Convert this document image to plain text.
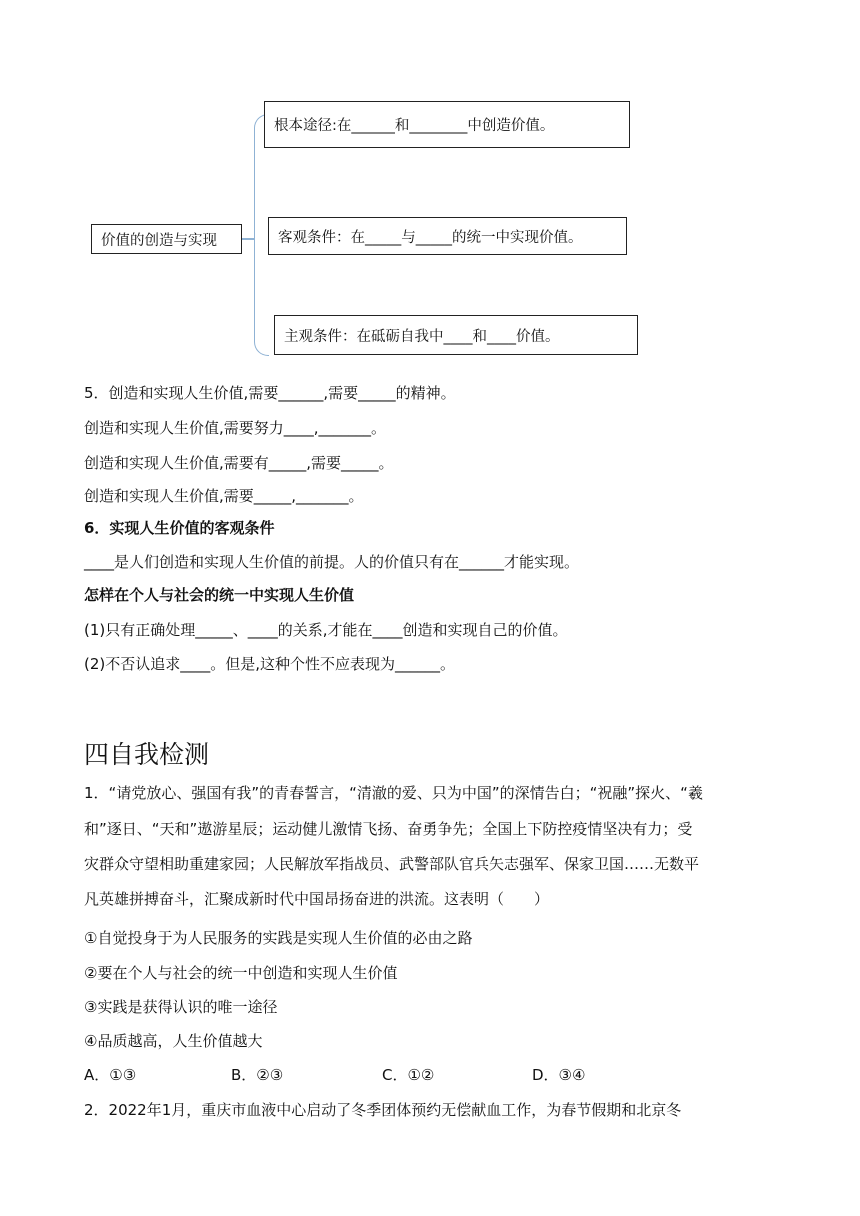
价值的创造与实现
根本途径:在______和________中创造价值。
客观条件：在_____与_____的统一中实现价值。
主观条件：在砥砺自我中____和____价值。
5．创造和实现人生价值,需要______,需要_____的精神。
创造和实现人生价值,需要努力____,_______。
创造和实现人生价值,需要有_____,需要_____。
创造和实现人生价值,需要_____,_______。
6．实现人生价值的客观条件
____是人们创造和实现人生价值的前提。人的价值只有在______才能实现。
怎样在个人与社会的统一中实现人生价值
(1)只有正确处理_____、____的关系,才能在____创造和实现自己的价值。
(2)不否认追求____。但是,这种个性不应表现为______。
四自我检测
1．“请党放心、强国有我”的青春誓言，“清澈的爱、只为中国”的深情告白；“祝融”探火、“羲
和”逐日、“天和”遨游星辰；运动健儿激情飞扬、奋勇争先；全国上下防控疫情坚决有力；受
灾群众守望相助重建家园；人民解放军指战员、武警部队官兵矢志强军、保家卫国……无数平
凡英雄拼搏奋斗，汇聚成新时代中国昂扬奋进的洪流。这表明（　　）
①自觉投身于为人民服务的实践是实现人生价值的必由之路
②要在个人与社会的统一中创造和实现人生价值
③实践是获得认识的唯一途径
④品质越高，人生价值越大
A．①③	B．②③	C．①②	D．③④
2．2022年1月，重庆市血液中心启动了冬季团体预约无偿献血工作，为春节假期和北京冬
